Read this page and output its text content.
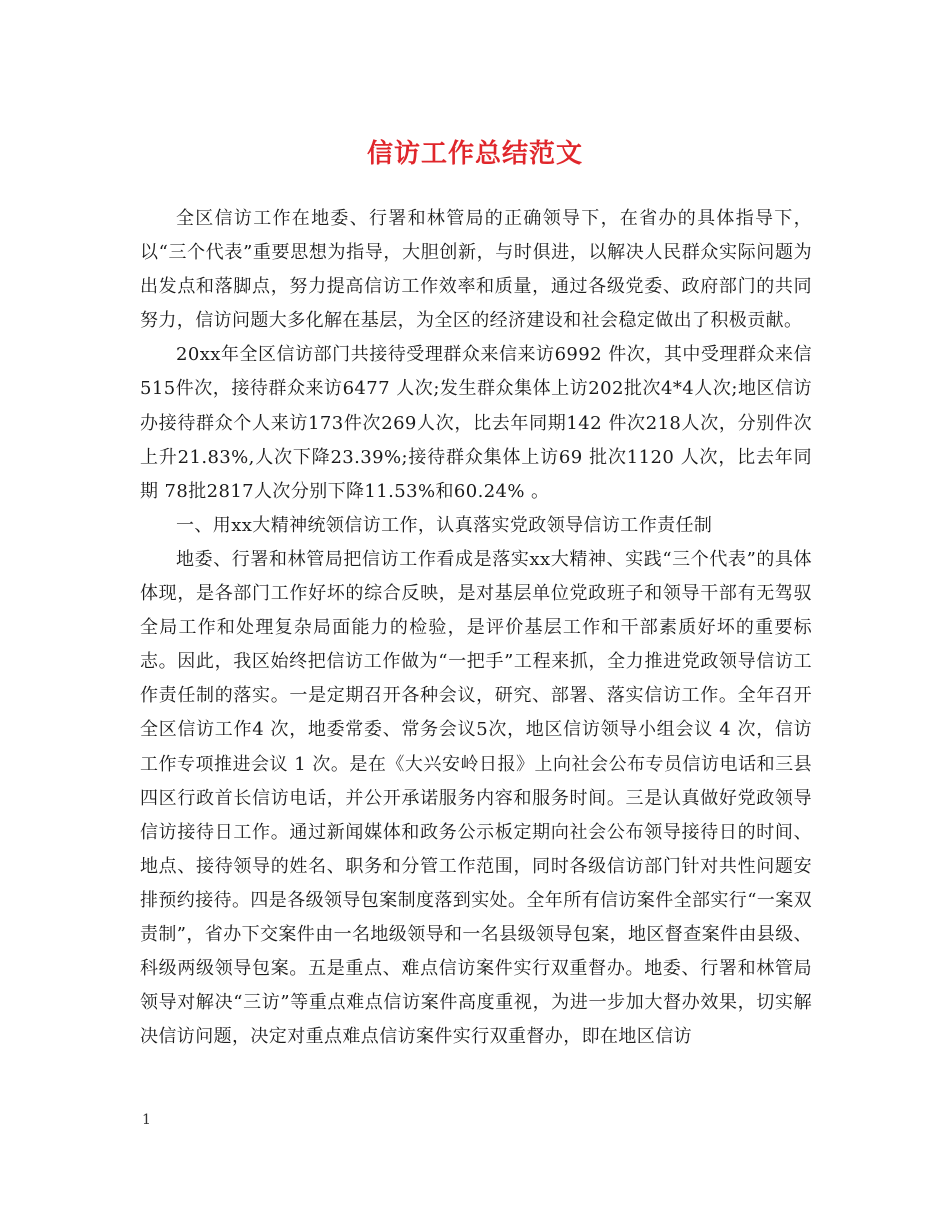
信访工作总结范文

全区信访工作在地委、行署和林管局的正确领导下，在省办的具体指导下，以“三个代表”重要思想为指导，大胆创新，与时俱进，以解决人民群众实际问题为出发点和落脚点，努力提高信访工作效率和质量，通过各级党委、政府部门的共同努力，信访问题大多化解在基层，为全区的经济建设和社会稳定做出了积极贡献。

20xx年全区信访部门共接待受理群众来信来访6992 件次，其中受理群众来信515件次，接待群众来访6477 人次;发生群众集体上访202批次4*4人次;地区信访办接待群众个人来访173件次269人次，比去年同期142 件次218人次，分别件次上升21.83%,人次下降23.39%;接待群众集体上访69 批次1120 人次，比去年同期 78批2817人次分别下降11.53%和60.24% 。

一、用xx大精神统领信访工作，认真落实党政领导信访工作责任制

地委、行署和林管局把信访工作看成是落实xx大精神、实践“三个代表”的具体体现，是各部门工作好坏的综合反映，是对基层单位党政班子和领导干部有无驾驭全局工作和处理复杂局面能力的检验，是评价基层工作和干部素质好坏的重要标志。因此，我区始终把信访工作做为“一把手”工程来抓，全力推进党政领导信访工作责任制的落实。一是定期召开各种会议，研究、部署、落实信访工作。全年召开全区信访工作4 次，地委常委、常务会议5次，地区信访领导小组会议 4 次，信访工作专项推进会议 1 次。是在《大兴安岭日报》上向社会公布专员信访电话和三县四区行政首长信访电话，并公开承诺服务内容和服务时间。三是认真做好党政领导信访接待日工作。通过新闻媒体和政务公示板定期向社会公布领导接待日的时间、地点、接待领导的姓名、职务和分管工作范围，同时各级信访部门针对共性问题安排预约接待。四是各级领导包案制度落到实处。全年所有信访案件全部实行“一案双责制”，省办下交案件由一名地级领导和一名县级领导包案，地区督查案件由县级、科级两级领导包案。五是重点、难点信访案件实行双重督办。地委、行署和林管局领导对解决“三访”等重点难点信访案件高度重视，为进一步加大督办效果，切实解决信访问题，决定对重点难点信访案件实行双重督办，即在地区信访

1
